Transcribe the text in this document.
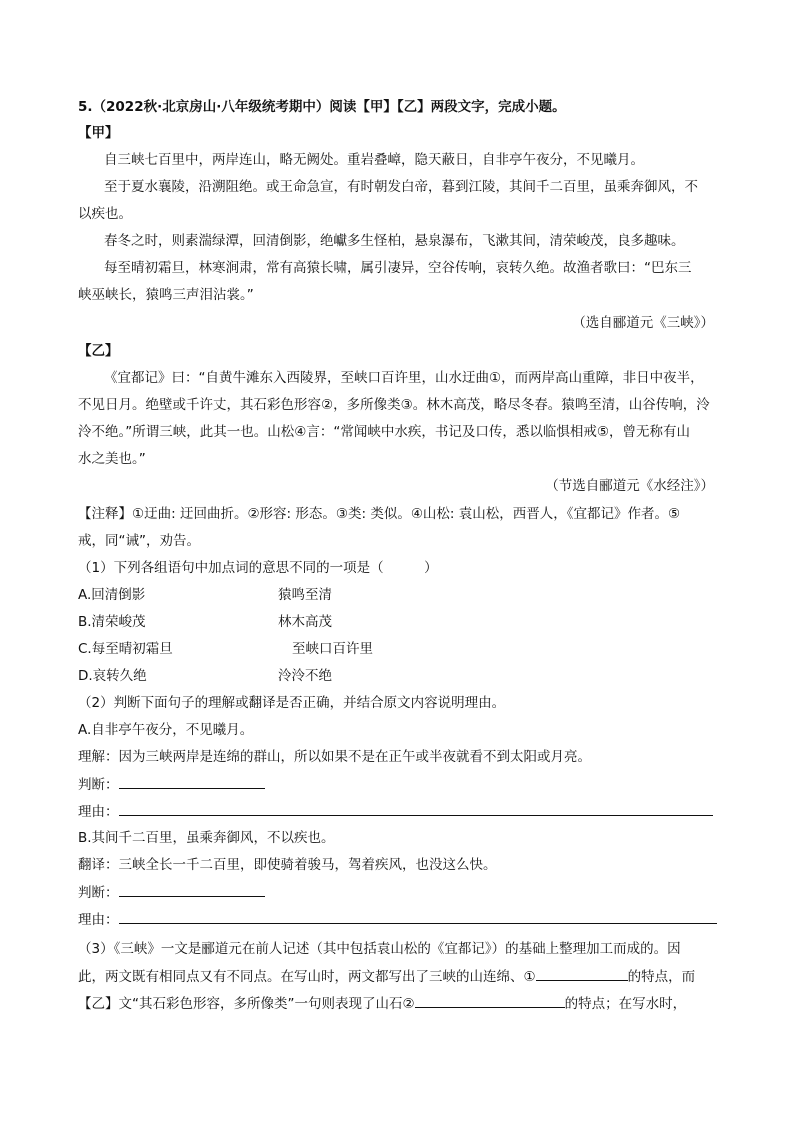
5.（2022秋·北京房山·八年级统考期中）阅读【甲】【乙】两段文字，完成小题。
【甲】
自三峡七百里中，两岸连山，略无阙处。重岩叠嶂，隐天蔽日，自非亭午夜分，不见曦月。
至于夏水襄陵，沿溯阻绝。或王命急宣，有时朝发白帝，暮到江陵，其间千二百里，虽乘奔御风，不
以疾也。
春冬之时，则素湍绿潭，回清倒影，绝巘多生怪柏，悬泉瀑布，飞漱其间，清荣峻茂，良多趣味。
每至晴初霜旦，林寒涧肃，常有高猿长啸，属引凄异，空谷传响，哀转久绝。故渔者歌曰：“巴东三
峡巫峡长，猿鸣三声泪沾裳。”
（选自郦道元《三峡》）
【乙】
《宜都记》曰：“自黄牛滩东入西陵界，至峡口百许里，山水迂曲①，而两岸高山重障，非日中夜半，
不见日月。绝壁或千许丈，其石彩色形容②，多所像类③。林木高茂，略尽冬春。猿鸣至清，山谷传响，泠
泠不绝。”所谓三峡，此其一也。山松④言：“常闻峡中水疾，书记及口传，悉以临惧相戒⑤，曾无称有山
水之美也。”
（节选自郦道元《水经注》）
【注释】①迂曲: 迂回曲折。②形容: 形态。③类: 类似。④山松: 袁山松，西晋人，《宜都记》作者。⑤
戒，同“诫”，劝告。
（1）下列各组语句中加点词的意思不同的一项是（　　　）
A.回清倒影	猿鸣至清
B.清荣峻茂	林木高茂
C.每至晴初霜旦	至峡口百许里
D.哀转久绝	泠泠不绝
（2）判断下面句子的理解或翻译是否正确，并结合原文内容说明理由。
A.自非亭午夜分，不见曦月。
理解：因为三峡两岸是连绵的群山，所以如果不是在正午或半夜就看不到太阳或月亮。
判断：
理由：
B.其间千二百里，虽乘奔御风，不以疾也。
翻译：三峡全长一千二百里，即使骑着骏马，驾着疾风，也没这么快。
判断：
理由：
（3）《三峡》一文是郦道元在前人记述（其中包括袁山松的《宜都记》）的基础上整理加工而成的。因
此，两文既有相同点又有不同点。在写山时，两文都写出了三峡的山连绵、①	的特点，而
【乙】文“其石彩色形容，多所像类”一句则表现了山石②	的特点；在写水时，
